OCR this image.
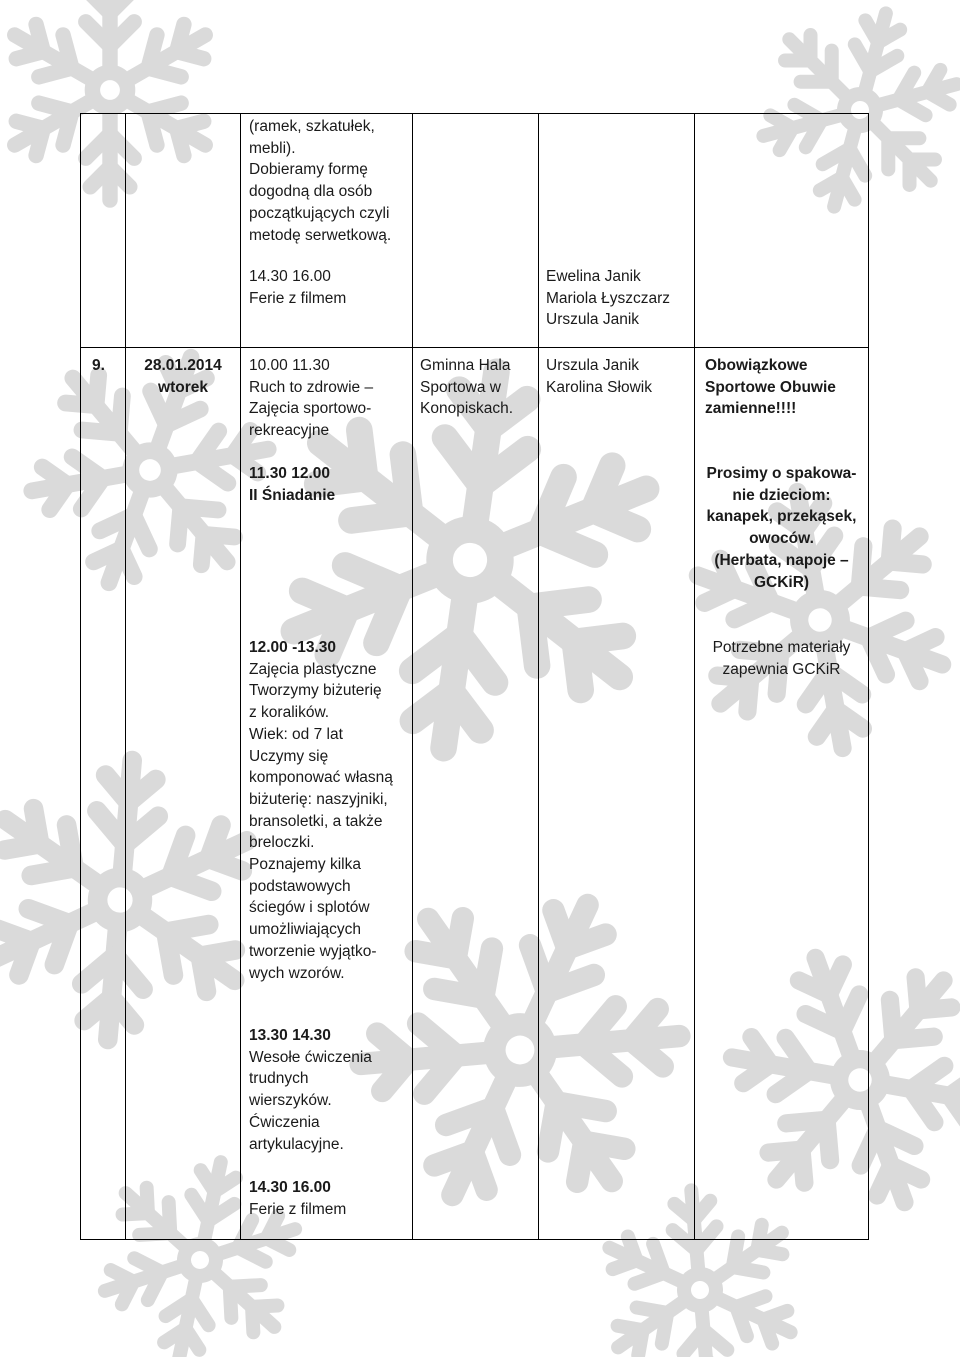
(ramek, szkatułek,
mebli).
Dobieramy formę
dogodną dla osób
początkujących czyli
metodę serwetkową.
14.30 16.00
Ferie z filmem
Ewelina Janik
Mariola Łyszczarz
Urszula Janik
9.	28.01.2014
wtorek
10.00 11.30
Ruch to zdrowie –
Zajęcia sportowo-
rekreacyjne
11.30 12.00
II Śniadanie
12.00 -13.30
Zajęcia plastyczne
Tworzymy biżuterię
z koralików.
Wiek: od 7 lat
Uczymy się
komponować własną
biżuterię: naszyjniki,
bransoletki, a także
breloczki.
Poznajemy kilka
podstawowych
ściegów i splotów
umożliwiających
tworzenie wyjątko-
wych wzorów.
13.30 14.30
Wesołe ćwiczenia
trudnych
wierszyków.
Ćwiczenia
artykulacyjne.
14.30 16.00
Ferie z filmem
Gminna Hala
Sportowa w
Konopiskach.
Urszula Janik
Karolina Słowik
Obowiązkowe
Sportowe Obuwie
zamienne!!!!
Prosimy o spakowa-
nie dzieciom:
kanapek, przekąsek,
owoców.
(Herbata, napoje –
GCKiR)
Potrzebne materiały
zapewnia GCKiR
